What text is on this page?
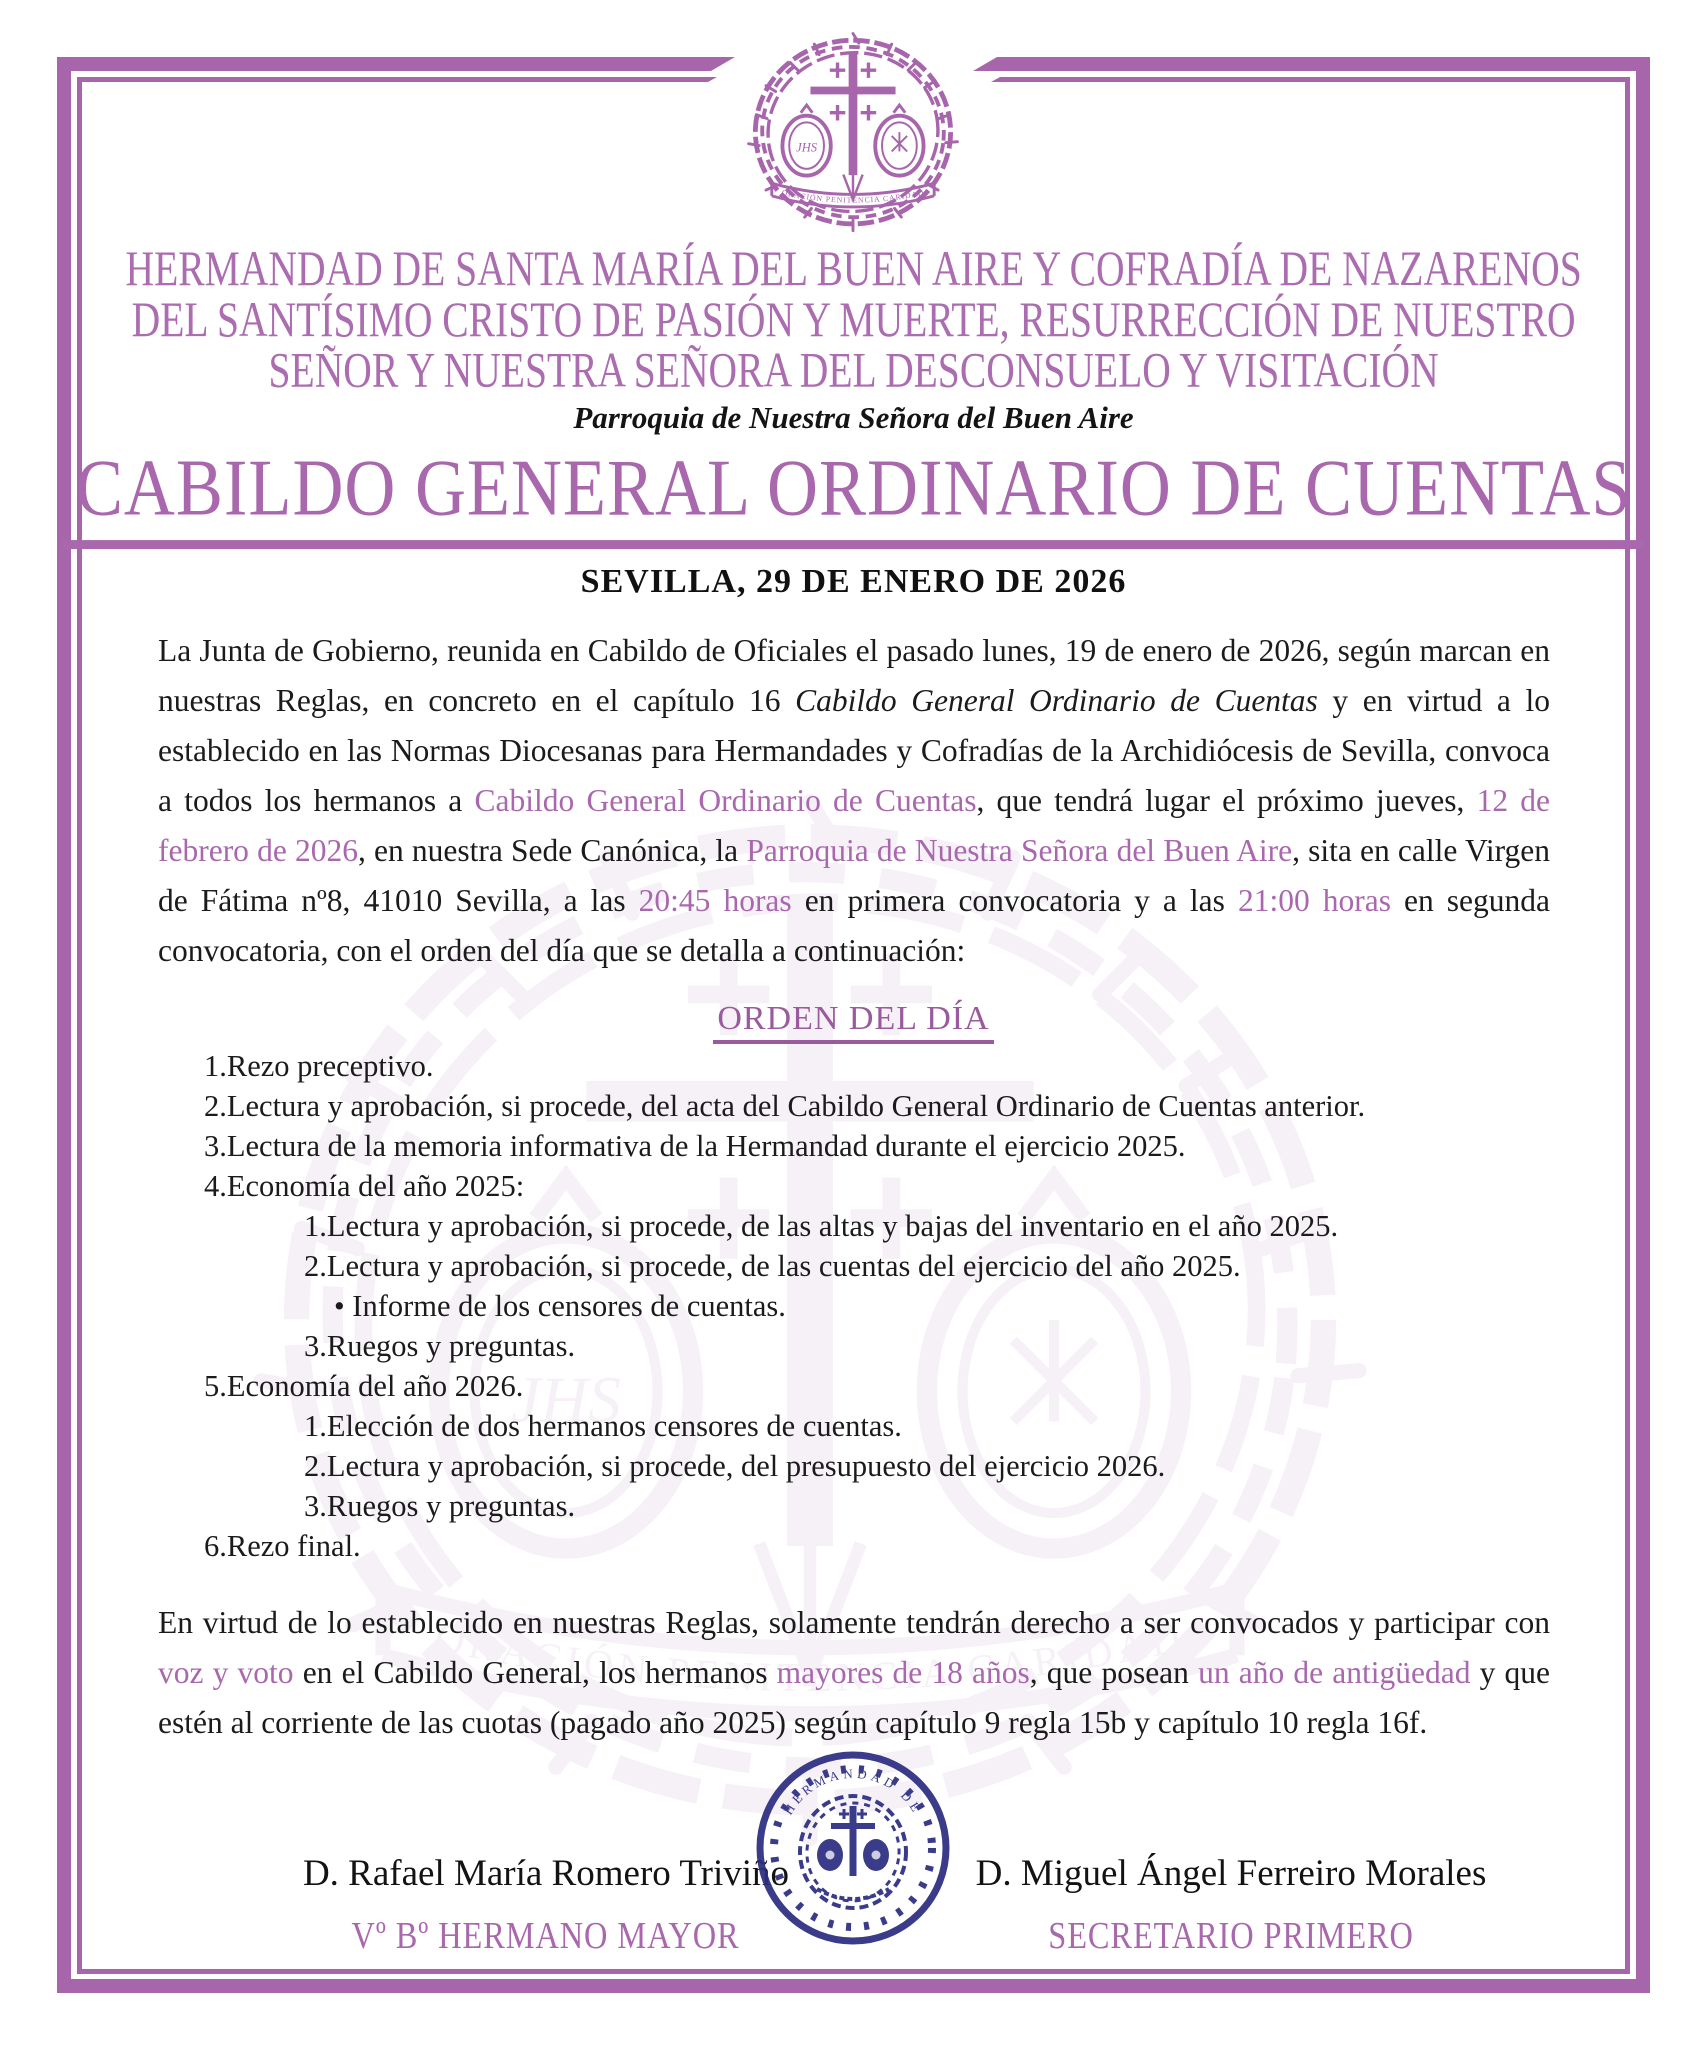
HERMANDAD DE SANTA MARÍA DEL BUEN AIRE Y COFRADÍA DE NAZARENOS
DEL SANTÍSIMO CRISTO DE PASIÓN Y MUERTE, RESURRECCIÓN DE NUESTRO
SEÑOR Y NUESTRA SEÑORA DEL DESCONSUELO Y VISITACIÓN
Parroquia de Nuestra Señora del Buen Aire
CABILDO GENERAL ORDINARIO DE CUENTAS
SEVILLA, 29 DE ENERO DE 2026
La Junta de Gobierno, reunida en Cabildo de Oficiales el pasado lunes, 19 de enero de 2026, según marcan en nuestras Reglas, en concreto en el capítulo 16 Cabildo General Ordinario de Cuentas y en virtud a lo establecido en las Normas Diocesanas para Hermandades y Cofradías de la Archidiócesis de Sevilla, convoca a todos los hermanos a Cabildo General Ordinario de Cuentas, que tendrá lugar el próximo jueves, 12 de febrero de 2026, en nuestra Sede Canónica, la Parroquia de Nuestra Señora del Buen Aire, sita en calle Virgen de Fátima nº8, 41010 Sevilla, a las 20:45 horas en primera convocatoria y a las 21:00 horas en segunda convocatoria, con el orden del día que se detalla a continuación:
ORDEN DEL DÍA
1.Rezo preceptivo.
2.Lectura y aprobación, si procede, del acta del Cabildo General Ordinario de Cuentas anterior.
3.Lectura de la memoria informativa de la Hermandad durante el ejercicio 2025.
4.Economía del año 2025:
1.Lectura y aprobación, si procede, de las altas y bajas del inventario en el año 2025.
2.Lectura y aprobación, si procede, de las cuentas del ejercicio del año 2025.
• Informe de los censores de cuentas.
3.Ruegos y preguntas.
5.Economía del año 2026.
1.Elección de dos hermanos censores de cuentas.
2.Lectura y aprobación, si procede, del presupuesto del ejercicio 2026.
3.Ruegos y preguntas.
6.Rezo final.
En virtud de lo establecido en nuestras Reglas, solamente tendrán derecho a ser convocados y participar con voz y voto en el Cabildo General, los hermanos mayores de 18 años, que posean un año de antigüedad y que estén al corriente de las cuotas (pagado año 2025) según capítulo 9 regla 15b y capítulo 10 regla 16f.
D. Rafael María Romero Triviño	D. Miguel Ángel Ferreiro Morales
Vº Bº HERMANO MAYOR	SECRETARIO PRIMERO
HERMANDAD DE
